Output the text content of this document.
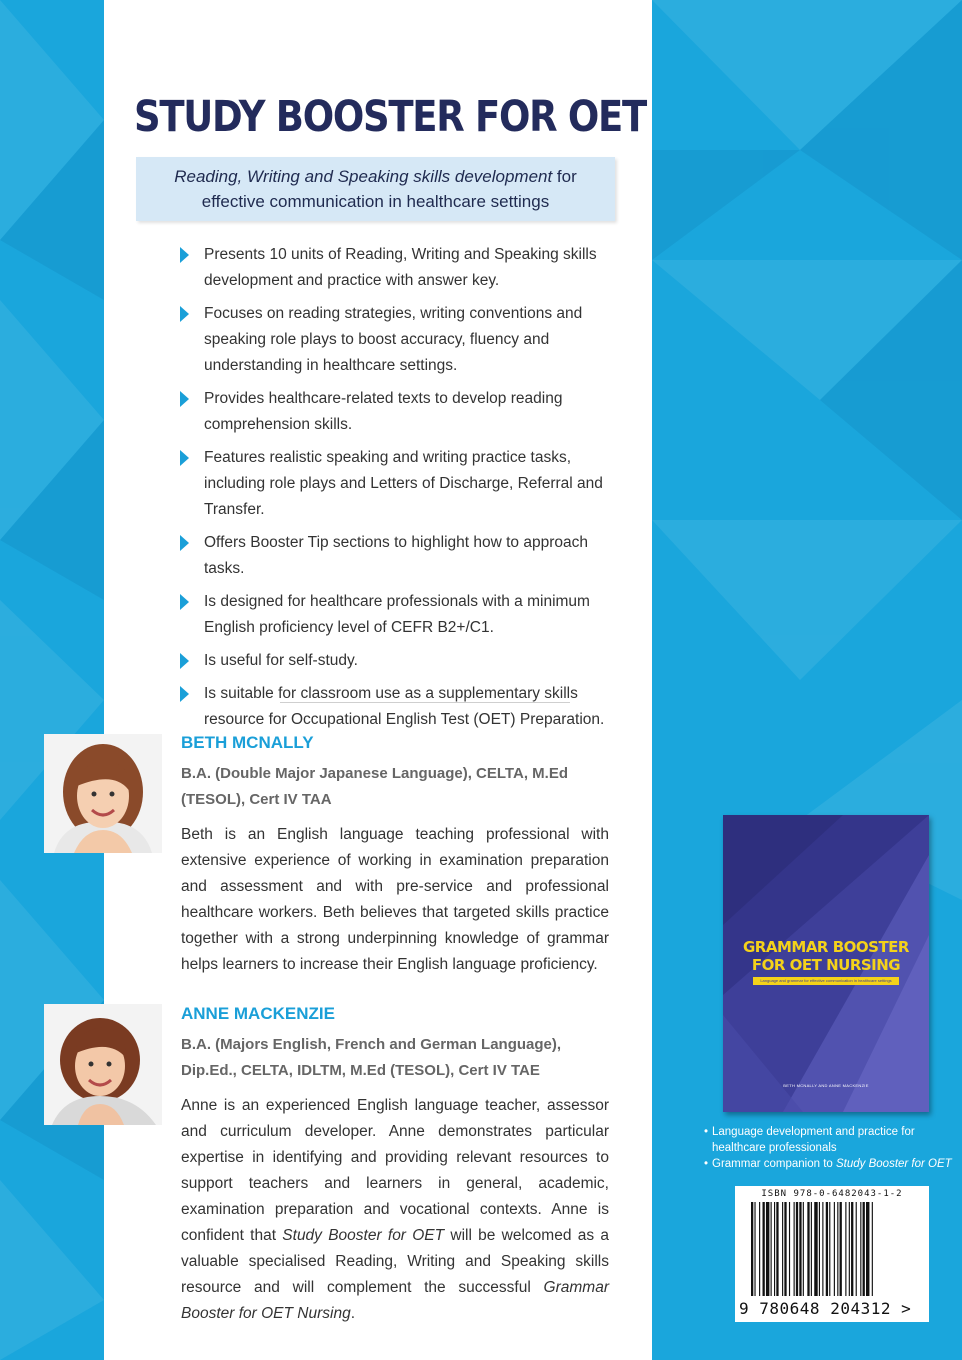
STUDY BOOSTER FOR OET
Reading, Writing and Speaking skills development for
effective communication in healthcare settings
Presents 10 units of Reading, Writing and Speaking skills development and practice with answer key.
Focuses on reading strategies, writing conventions and speaking role plays to boost accuracy, fluency and understanding in healthcare settings.
Provides healthcare-related texts to develop reading comprehension skills.
Features realistic speaking and writing practice tasks, including role plays and Letters of Discharge, Referral and Transfer.
Offers Booster Tip sections to highlight how to approach tasks.
Is designed for healthcare professionals with a minimum English proficiency level of CEFR B2+/C1.
Is useful for self-study.
Is suitable for classroom use as a supplementary skills resource for Occupational English Test (OET) Preparation.
BETH MCNALLY
B.A. (Double Major Japanese Language), CELTA, M.Ed (TESOL), Cert IV TAA
Beth is an English language teaching professional with extensive experience of working in examination preparation and assessment and with pre-service and professional healthcare workers. Beth believes that targeted skills practice together with a strong underpinning knowledge of grammar helps learners to increase their English language proficiency.
ANNE MACKENZIE
B.A. (Majors English, French and German Language), Dip.Ed., CELTA, IDLTM, M.Ed (TESOL), Cert IV TAE
Anne is an experienced English language teacher, assessor and curriculum developer. Anne demonstrates particular expertise in identifying and providing relevant resources to support teachers and learners in general, academic, examination preparation and vocational contexts. Anne is confident that Study Booster for OET will be welcomed as a valuable specialised Reading, Writing and Speaking skills resource and will complement the successful Grammar Booster for OET Nursing.
GRAMMAR BOOSTER
FOR OET NURSING
Language and grammar for effective communication in healthcare settings
BETH MCNALLY AND ANNE MACKENZIE
• Language development and practice for healthcare professionals
• Grammar companion to Study Booster for OET
ISBN 978-0-6482043-1-2
9 780648 204312 >
